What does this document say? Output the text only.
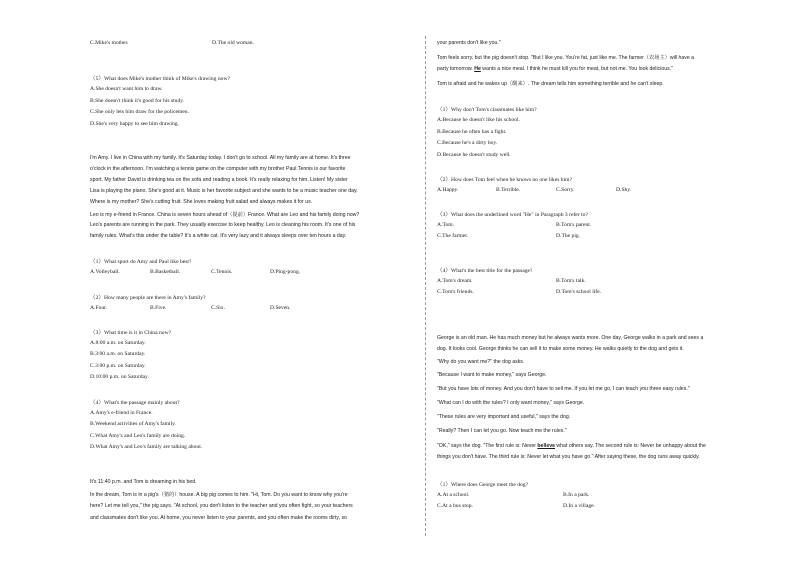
C.Mike's mother.	D.The old woman.
（5）What does Mike's mother think of Mike's drawing now?
A.She doesn't want him to draw.
B.She doesn't think it's good for his study.
C.She only lets him draw for the policemen.
D.She's very happy to see him drawing.
I'm Amy. I live in China with my family. It's Saturday today. I don't go to school. All my family are at home. It's three
o'clock in the afternoon. I'm watching a tennis game on the computer with my brother Paul.Tennis is our favorite
sport. My father David is drinking tea on the sofa and reading a book. It's really relaxing for him. Listen! My sister
Lisa is playing the piano. She's good at it. Music is her favorite subject and she wants to be a music teacher one day.
Where is my mother? She's cutting fruit. She loves making fruit salad and always makes it for us.
Leo is my e-friend in France. China is seven hours ahead of（提前）France. What are Leo and his family doing now?
Leo's parents are running in the park. They usually exercise to keep healthy. Leo is cleaning his room. It's one of his
family rules. What's this under the table? It's a white cat. It's very lazy and it always sleeps over ten hours a day.
（1）What sport do Amy and Paul like best?
A.Volleyball.	B.Basketball.	C.Tennis.	D.Ping-pong.
（2）How many people are there in Amy's family?
A.Four.	B.Five.	C.Six.	D.Seven.
（3）What time is it in China now?
A.8:00 a.m. on Saturday.
B.3:00 a.m. on Saturday.
C.3:00 p.m. on Saturday.
D.10:00 p.m. on Saturday.
（4）What's the passage mainly about?
A.Amy's e-friend in France.
B.Weekend activities of Amy's family.
C.What Amy's and Leo's family are doing.
D.What Amy's and Leo's family are talking about.
It's 11:40 p.m. and Tom is dreaming in his bed.
In the dream, Tom is in a pig's（猪的）house. A big pig comes to him. "Hi, Tom. Do you want to know why you're
here? Let me tell you," the pig says. "At school, you don't listen to the teacher and you often fight, so your teachers
and classmates don't like you. At home, you never listen to your parents, and you often make the rooms dirty, so
your parents don't like you."
Tom feels sorry, but the pig doesn't stop. "But I like you. You're fat, just like me. The farmer（农场主）will have a
party tomorrow. He wants a nice meal. I think he must kill you for meat, but not me. You look delicious."
Tom is afraid and he wakes up（醒来）. The dream tells him something terrible and he can't sleep.
（1）Why don't Tom's classmates like him?
A.Because he doesn't like his school.
B.Because he often has a fight.
C.Because he's a dirty boy.
D.Because he doesn't study well.
（2）How does Tom feel when he knows no one likes him?
A.Happy.	B.Terrible.	C.Sorry.	D.Shy.
（3）What does the underlined word "He" in Paragraph 3 refer to?
A.Tom.	B.Tom's parent.
C.The farmer.	D.The pig.
（4）What's the best title for the passage?
A.Tom's dream.	B.Tom's talk.
C.Tom's friends.	D.Tom's school life.
George is an old man. He has much money but he always wants more. One day, George walks in a park and sees a
dog. It looks cool. George thinks he can sell it to make some money. He walks quietly to the dog and gets it.
"Why do you want me?" the dog asks.
"Because I want to make money," says George.
"But you have lots of money. And you don't have to sell me. If you let me go, I can teach you three easy rules."
"What can I do with the rules? I only want money," says George.
"These rules are very important and useful," says the dog.
"Really? Then I can let you go. Now teach me the rules."
"OK," says the dog. "The first rule is: Never believe what others say. The second rule is: Never be unhappy about the
things you don't have. The third rule is: Never let what you have go." After saying these, the dog runs away quickly.
（1）Where does George meet the dog?
A.At a school.	B.In a park.
C.At a bus stop.	D.In a village.
